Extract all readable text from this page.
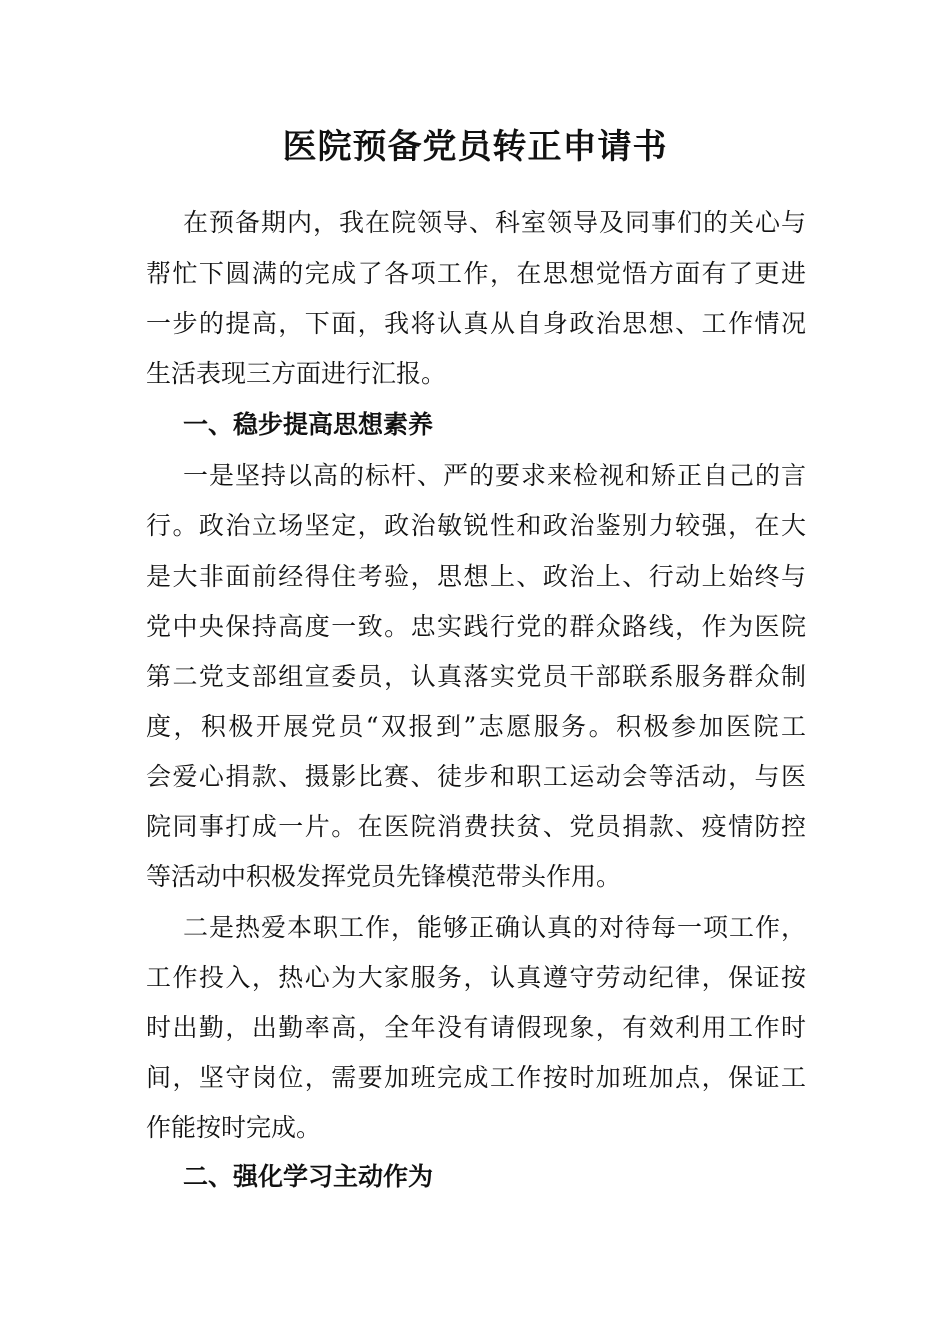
医院预备党员转正申请书

在预备期内，我在院领导、科室领导及同事们的关心与

帮忙下圆满的完成了各项工作，在思想觉悟方面有了更进

一步的提高，下面，我将认真从自身政治思想、工作情况

生活表现三方面进行汇报。

一、稳步提高思想素养

一是坚持以高的标杆、严的要求来检视和矫正自己的言

行。政治立场坚定，政治敏锐性和政治鉴别力较强，在大

是大非面前经得住考验，思想上、政治上、行动上始终与

党中央保持高度一致。忠实践行党的群众路线，作为医院

第二党支部组宣委员，认真落实党员干部联系服务群众制

度，积极开展党员“双报到”志愿服务。积极参加医院工

会爱心捐款、摄影比赛、徒步和职工运动会等活动，与医

院同事打成一片。在医院消费扶贫、党员捐款、疫情防控

等活动中积极发挥党员先锋模范带头作用。

二是热爱本职工作，能够正确认真的对待每一项工作，

工作投入，热心为大家服务，认真遵守劳动纪律，保证按

时出勤，出勤率高，全年没有请假现象，有效利用工作时

间，坚守岗位，需要加班完成工作按时加班加点，保证工

作能按时完成。

二、强化学习主动作为
